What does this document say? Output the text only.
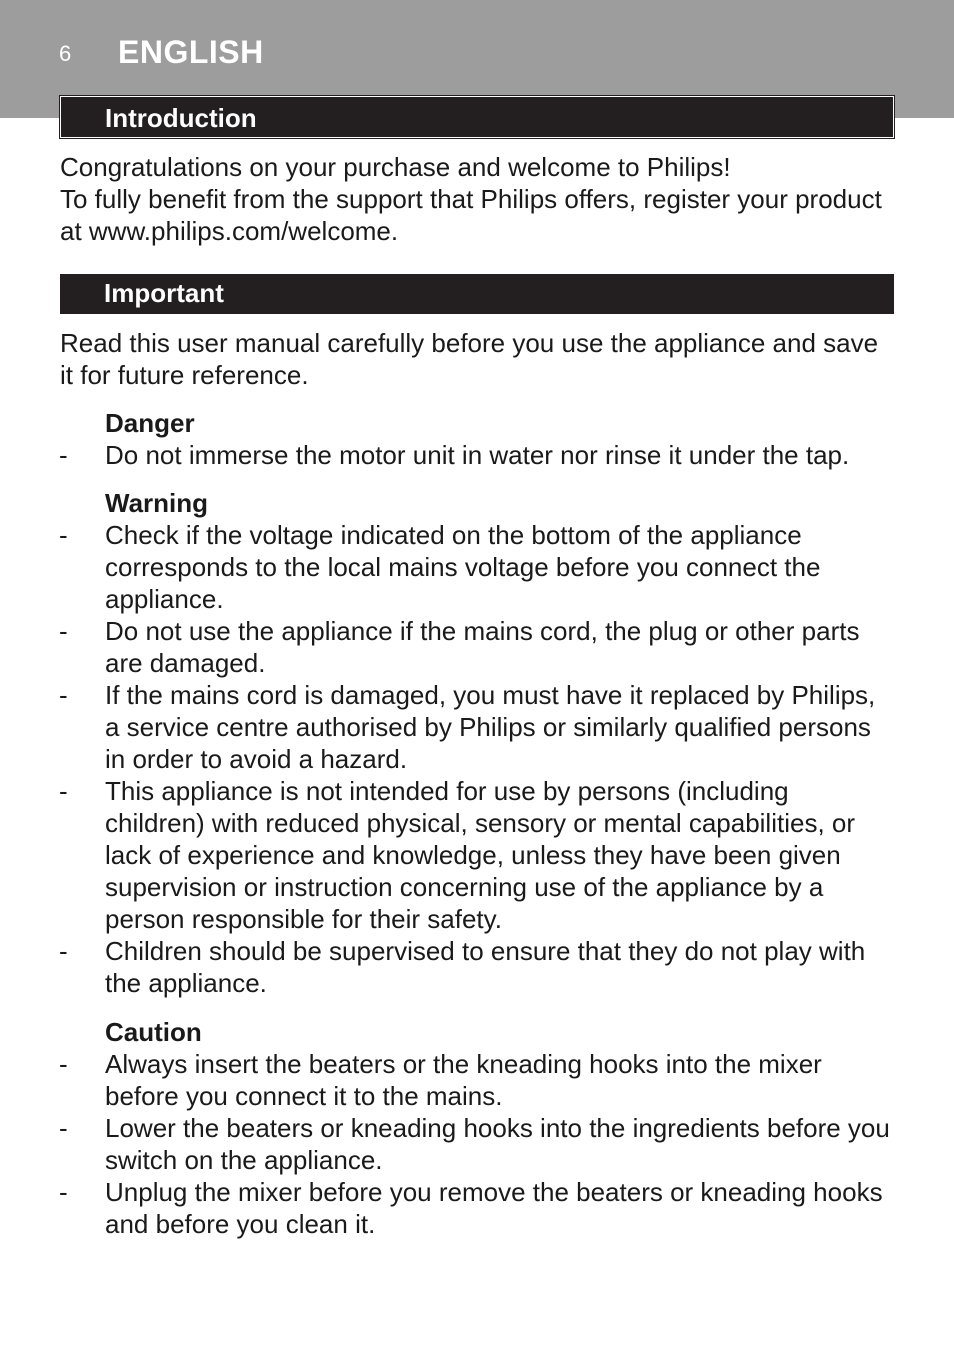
6 ENGLISH
Introduction

Congratulations on your purchase and welcome to Philips!

To fully benefit from the support that Philips offers, register your product at www.philips.com/welcome.

Important

Read this user manual carefully before you use the appliance and save it for future reference.

Danger
- Do not immerse the motor unit in water nor rinse it under the tap.
Warning
- Check if the voltage indicated on the bottom of the appliance corresponds to the local mains voltage before you connect the appliance.
- Do not use the appliance if the mains cord, the plug or other parts are damaged.
- If the mains cord is damaged, you must have it replaced by Philips, a service centre authorised by Philips or similarly qualified persons in order to avoid a hazard.
- This appliance is not intended for use by persons (including children) with reduced physical, sensory or mental capabilities, or lack of experience and knowledge, unless they have been given supervision or instruction concerning use of the appliance by a person responsible for their safety.
- Children should be supervised to ensure that they do not play with the appliance.
Caution
- Always insert the beaters or the kneading hooks into the mixer before you connect it to the mains.
- Lower the beaters or kneading hooks into the ingredients before you switch on the appliance.
- Unplug the mixer before you remove the beaters or kneading hooks and before you clean it.
